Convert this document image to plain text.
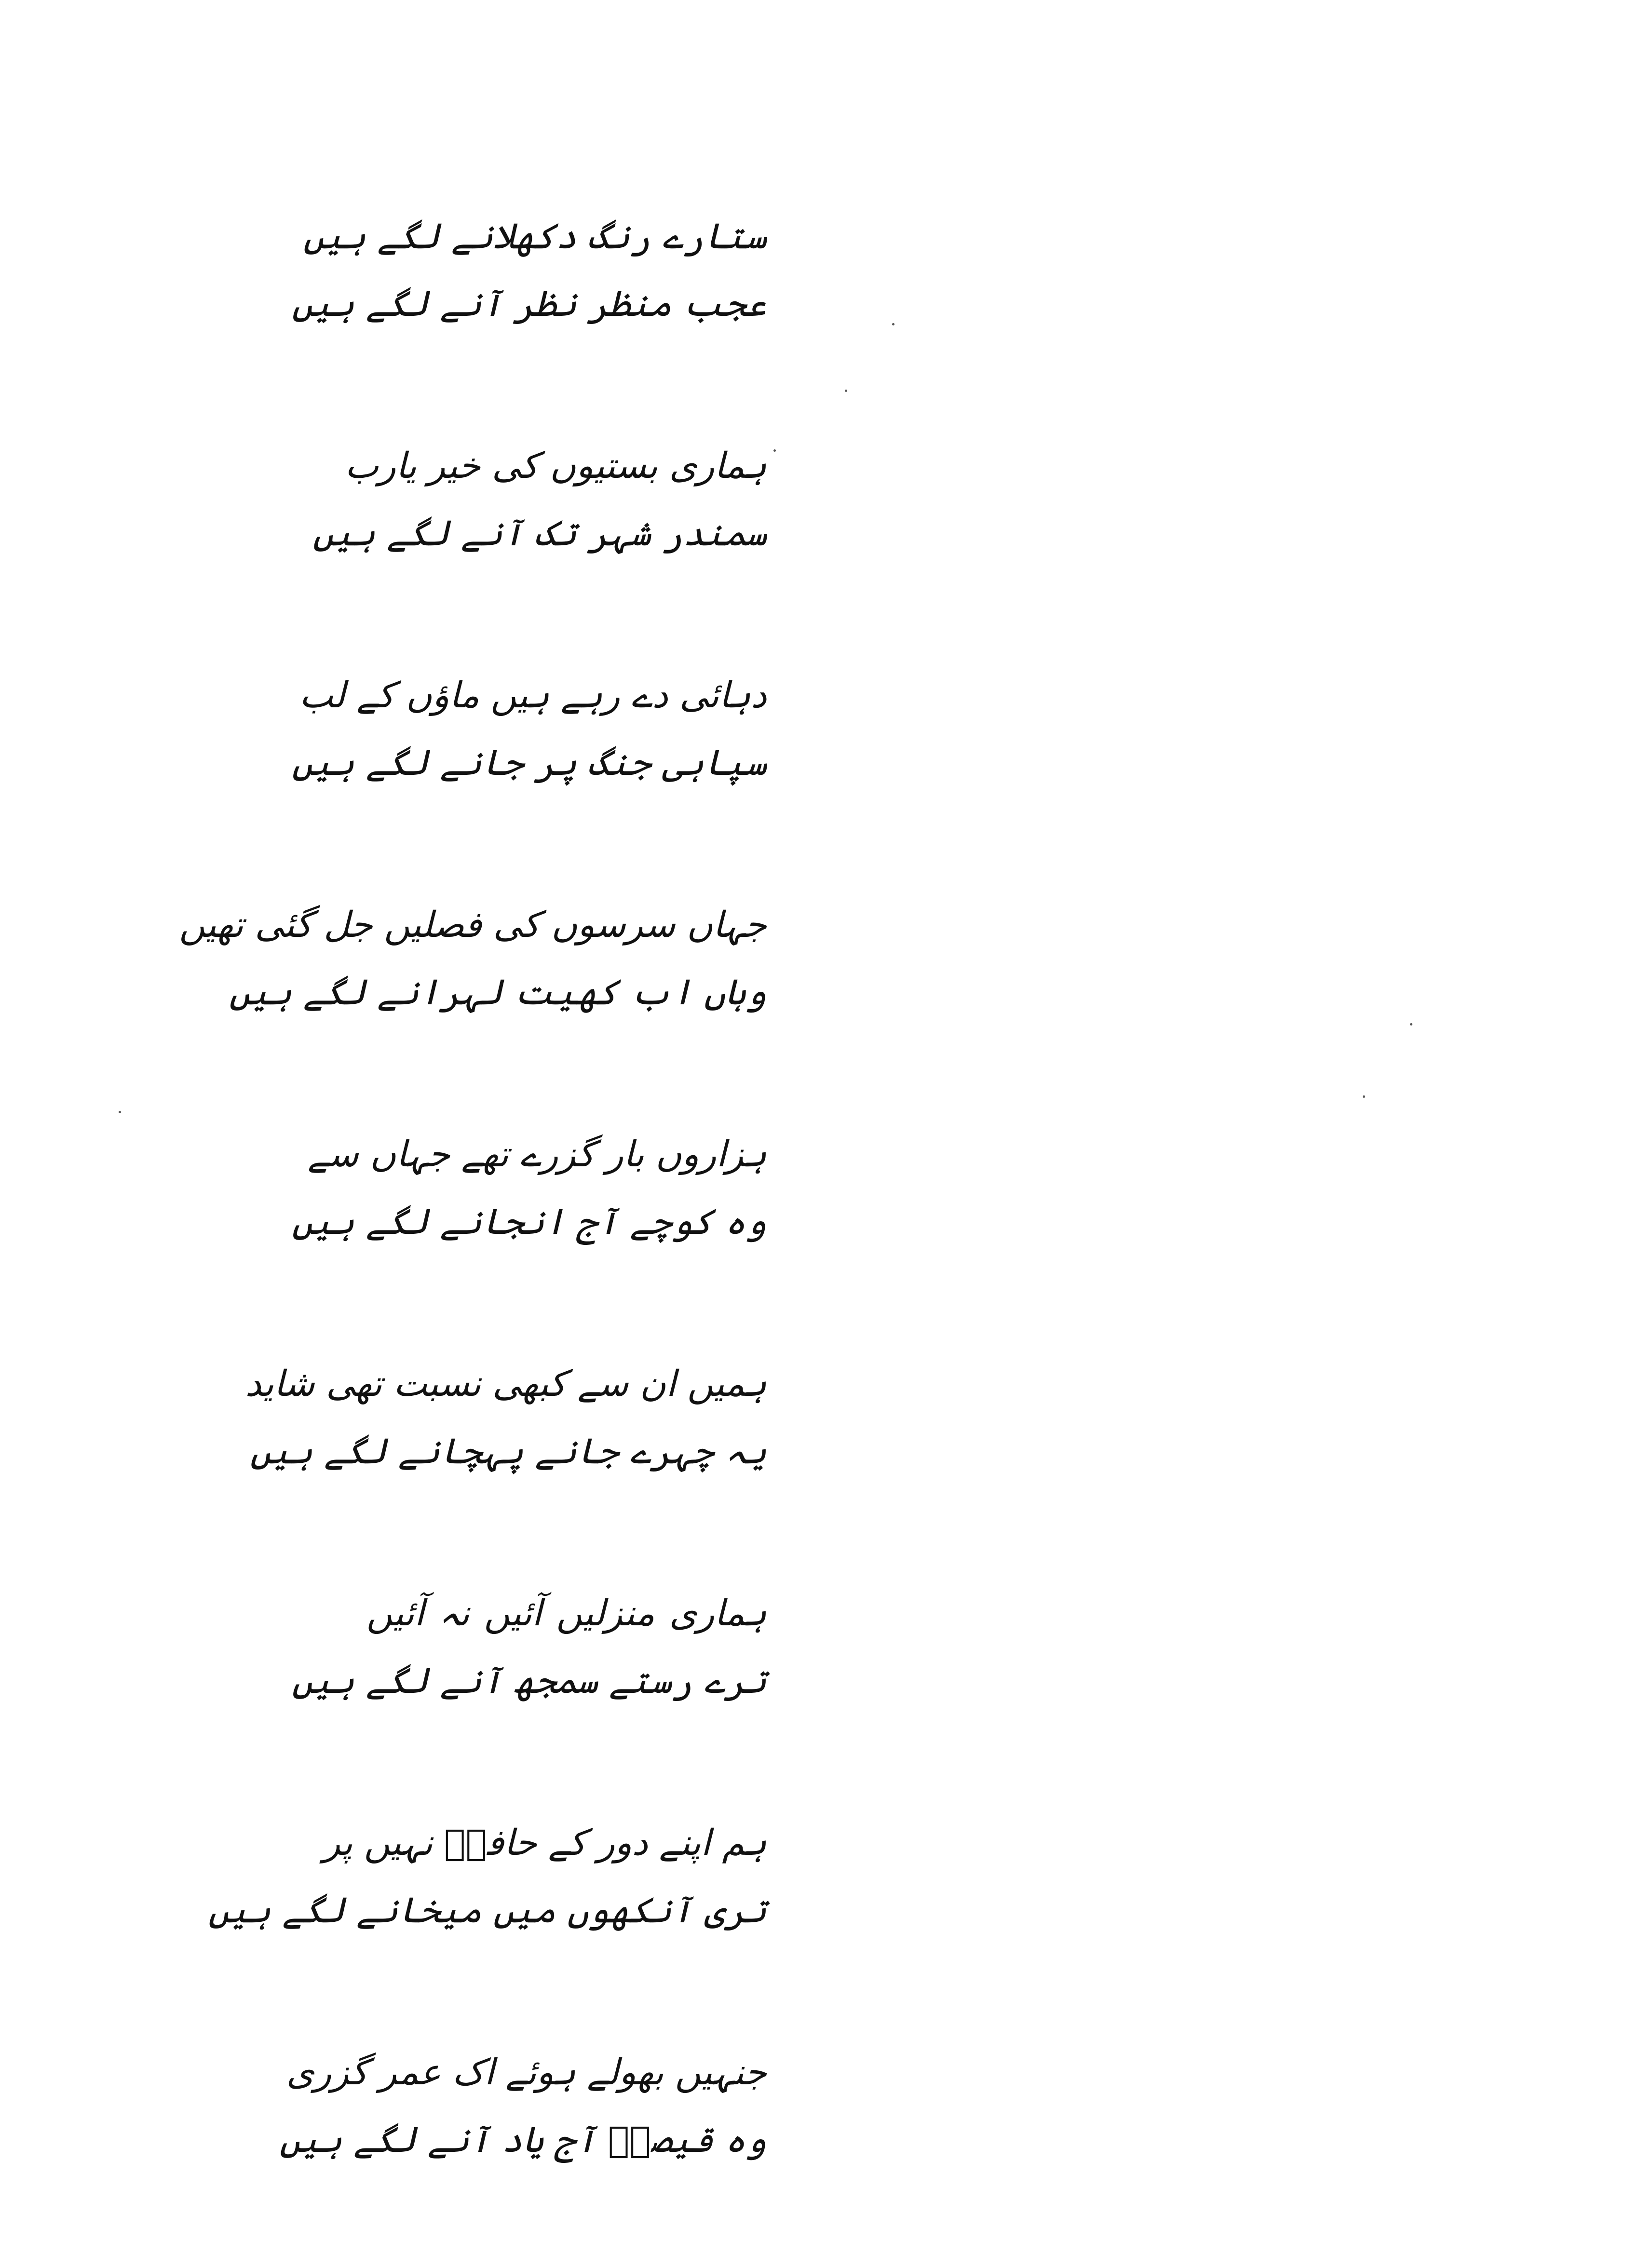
ستارے رنگ دکھلانے لگے ہیں
عجب منظر نظر آنے لگے ہیں
ہماری بستیوں کی خیر یارب
سمندر شہر تک آنے لگے ہیں
دہائی دے رہے ہیں ماؤں کے لب
سپاہی جنگ پر جانے لگے ہیں
جہاں سرسوں کی فصلیں جل گئی تھیں
وہاں اب کھیت لہرانے لگے ہیں
ہزاروں بار گزرے تھے جہاں سے
وہ کوچے آج انجانے لگے ہیں
ہمیں ان سے کبھی نسبت تھی شاید
یہ چہرے جانے پہچانے لگے ہیں
ہماری منزلیں آئیں نہ آئیں
ترے رستے سمجھ آنے لگے ہیں
ہم اپنے دور کے حافظؔ نہیں پر
تری آنکھوں میں میخانے لگے ہیں
جنہیں بھولے ہوئے اک عمر گزری
وہ قیصرؔ آج یاد آنے لگے ہیں
